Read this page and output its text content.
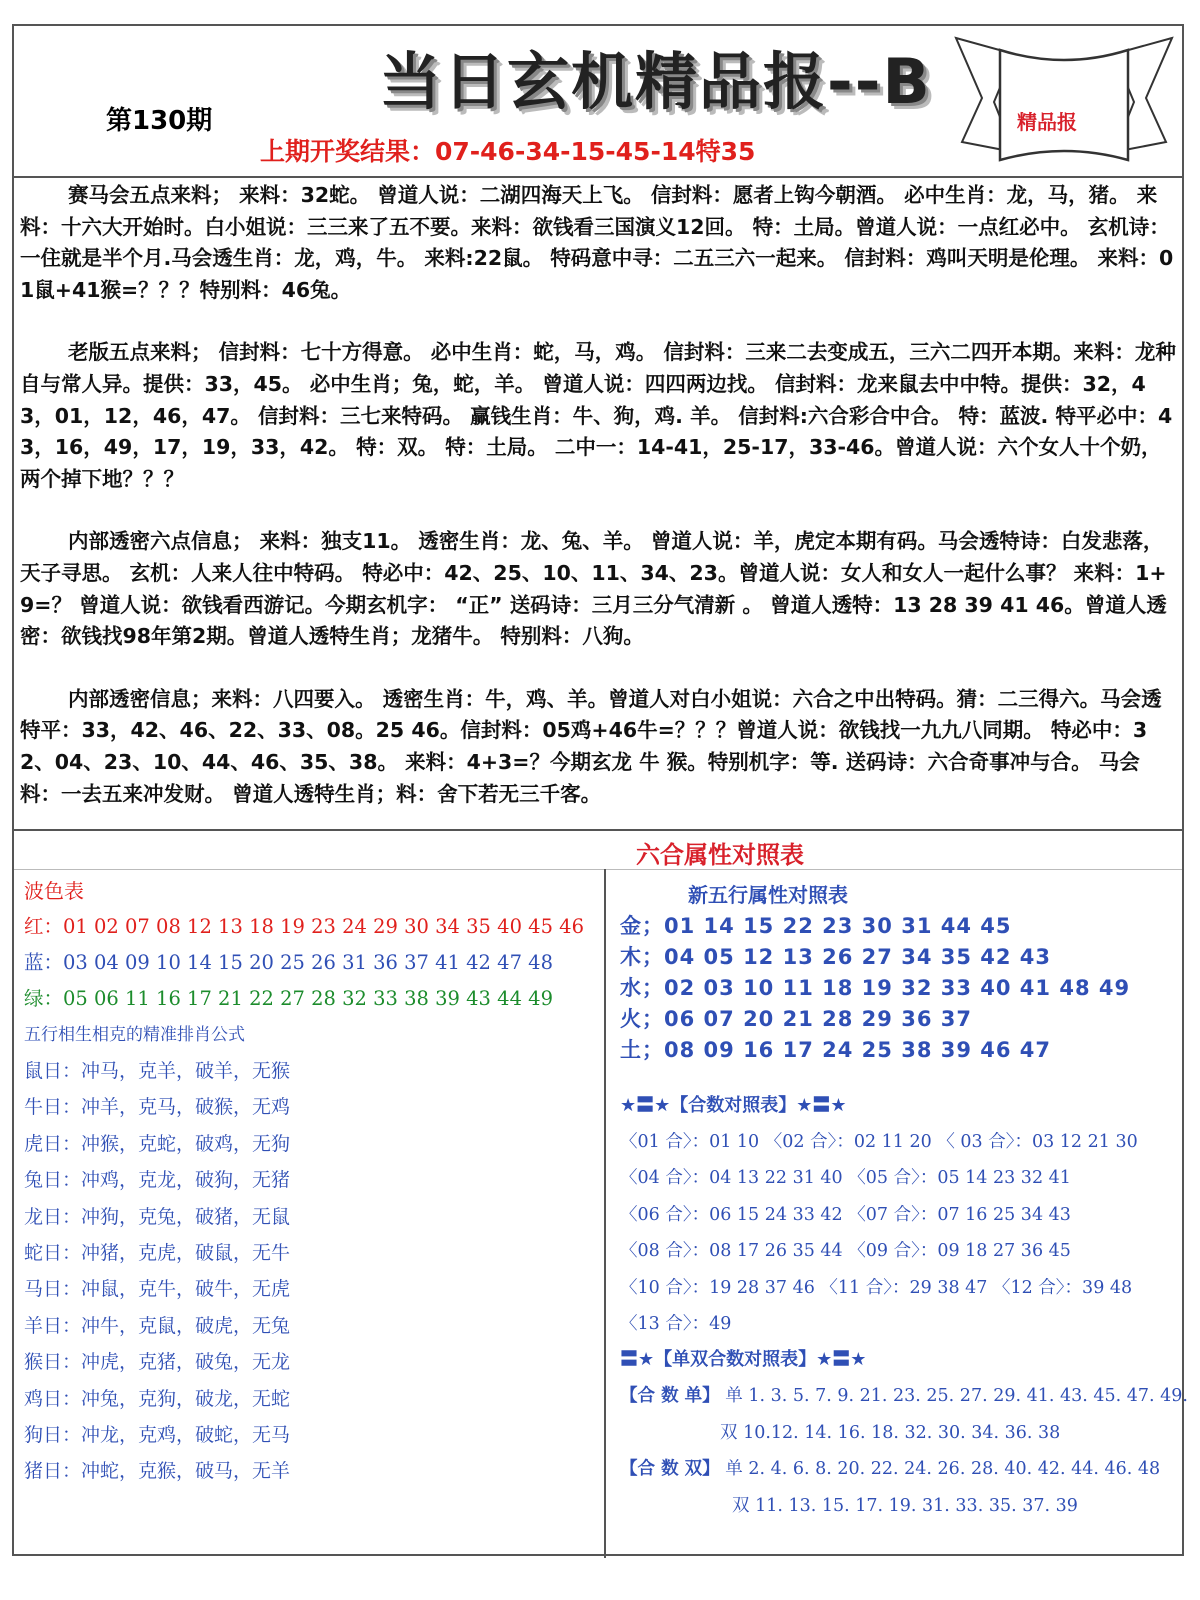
第130期
当日玄机精品报--B
上期开奖结果：07-46-34-15-45-14特35
精品报

赛马会五点来料； 来料：32蛇。 曾道人说：二湖四海天上飞。 信封料：愿者上钩今朝酒。 必中生肖：龙，马，猪。 来料：十六大开始时。白小姐说：三三来了五不要。来料：欲钱看三国演义12回。 特：土局。曾道人说：一点红必中。 玄机诗：一住就是半个月.马会透生肖：龙，鸡，牛。 来料:22鼠。 特码意中寻：二五三六一起来。 信封料：鸡叫天明是伦理。 来料：01鼠+41猴=？？？特别料：46兔。

老版五点来料； 信封料：七十方得意。 必中生肖：蛇，马，鸡。 信封料：三来二去变成五，三六二四开本期。来料：龙种自与常人异。提供：33，45。 必中生肖；兔，蛇，羊。 曾道人说：四四两边找。 信封料：龙来鼠去中中特。提供：32，43，01，12，46，47。 信封料：三七来特码。 赢钱生肖：牛、狗，鸡. 羊。 信封料:六合彩合中合。 特：蓝波. 特平必中：43，16，49，17，19，33，42。 特：双。 特：土局。 二中一：14-41，25-17，33-46。曾道人说：六个女人十个奶，两个掉下地？？？

内部透密六点信息； 来料：独支11。 透密生肖：龙、兔、羊。 曾道人说：羊，虎定本期有码。马会透特诗：白发悲落，天子寻思。 玄机：人来人往中特码。 特必中：42、25、10、11、34、23。曾道人说：女人和女人一起什么事？ 来料：1+9=？ 曾道人说：欲钱看西游记。今期玄机字： “正” 送码诗：三月三分气清新 。 曾道人透特：13 28 39 41 46。曾道人透密：欲钱找98年第2期。曾道人透特生肖；龙猪牛。 特别料：八狗。

内部透密信息；来料：八四要入。 透密生肖：牛，鸡、羊。曾道人对白小姐说：六合之中出特码。猜：二三得六。马会透特平：33，42、46、22、33、08。25 46。信封料：05鸡+46牛=？？？曾道人说：欲钱找一九九八同期。 特必中：32、04、23、10、44、46、35、38。 来料：4+3=？今期玄龙 牛 猴。特别机字：等. 送码诗：六合奇事冲与合。 马会料：一去五来冲发财。 曾道人透特生肖；料：舍下若无三千客。

六合属性对照表
波色表
红：01 02 07 08 12 13 18 19 23 24 29 30 34 35 40 45 46
蓝：03 04 09 10 14 15 20 25 26 31 36 37 41 42 47 48
绿：05 06 11 16 17 21 22 27 28 32 33 38 39 43 44 49
五行相生相克的精准排肖公式
鼠日：冲马，克羊，破羊，无猴
牛日：冲羊，克马，破猴，无鸡
虎日：冲猴，克蛇，破鸡，无狗
兔日：冲鸡，克龙，破狗，无猪
龙日：冲狗，克兔，破猪，无鼠
蛇日：冲猪，克虎，破鼠，无牛
马日：冲鼠，克牛，破牛，无虎
羊日：冲牛，克鼠，破虎，无兔
猴日：冲虎，克猪，破兔，无龙
鸡日：冲兔，克狗，破龙，无蛇
狗日：冲龙，克鸡，破蛇，无马
猪日：冲蛇，克猴，破马，无羊
新五行属性对照表
金；01 14 15 22 23 30 31 44 45
木；04 05 12 13 26 27 34 35 42 43
水；02 03 10 11 18 19 32 33 40 41 48 49
火；06 07 20 21 28 29 36 37
土；08 09 16 17 24 25 38 39 46 47
★〓★【合数对照表】★〓★
〈01 合〉：01 10 〈02 合〉：02 11 20 〈 03 合〉：03 12 21 30
〈04 合〉：04 13 22 31 40 〈05 合〉：05 14 23 32 41
〈06 合〉：06 15 24 33 42 〈07 合〉：07 16 25 34 43
〈08 合〉：08 17 26 35 44 〈09 合〉：09 18 27 36 45
〈10 合〉：19 28 37 46 〈11 合〉：29 38 47 〈12 合〉：39 48
〈13 合〉：49
〓★【单双合数对照表】★〓★
【合 数 单】 单 1. 3. 5. 7. 9. 21. 23. 25. 27. 29. 41. 43. 45. 47. 49.
双 10.12. 14. 16. 18. 32. 30. 34. 36. 38
【合 数 双】 单 2. 4. 6. 8. 20. 22. 24. 26. 28. 40. 42. 44. 46. 48
双 11. 13. 15. 17. 19. 31. 33. 35. 37. 39
